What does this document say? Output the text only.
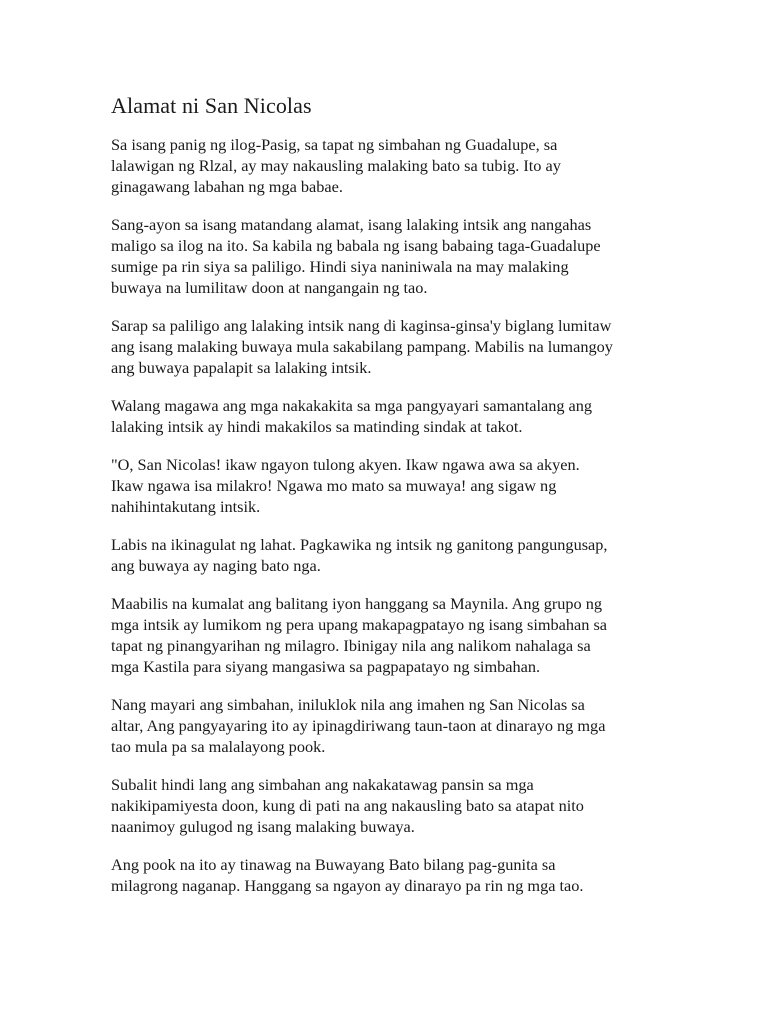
Alamat ni San Nicolas

Sa isang panig ng ilog-Pasig, sa tapat ng simbahan ng Guadalupe, sa
lalawigan ng Rlzal, ay may nakausling malaking bato sa tubig. Ito ay
ginagawang labahan ng mga babae.

Sang-ayon sa isang matandang alamat, isang lalaking intsik ang nangahas
maligo sa ilog na ito. Sa kabila ng babala ng isang babaing taga-Guadalupe
sumige pa rin siya sa paliligo. Hindi siya naniniwala na may malaking
buwaya na lumilitaw doon at nangangain ng tao.

Sarap sa paliligo ang lalaking intsik nang di kaginsa-ginsa'y biglang lumitaw
ang isang malaking buwaya mula sakabilang pampang. Mabilis na lumangoy
ang buwaya papalapit sa lalaking intsik.

Walang magawa ang mga nakakakita sa mga pangyayari samantalang ang
lalaking intsik ay hindi makakilos sa matinding sindak at takot.

"O, San Nicolas! ikaw ngayon tulong akyen. Ikaw ngawa awa sa akyen.
Ikaw ngawa isa milakro! Ngawa mo mato sa muwaya! ang sigaw ng
nahihintakutang intsik.

Labis na ikinagulat ng lahat. Pagkawika ng intsik ng ganitong pangungusap,
ang buwaya ay naging bato nga.

Maabilis na kumalat ang balitang iyon hanggang sa Maynila. Ang grupo ng
mga intsik ay lumikom ng pera upang makapagpatayo ng isang simbahan sa
tapat ng pinangyarihan ng milagro. Ibinigay nila ang nalikom nahalaga sa
mga Kastila para siyang mangasiwa sa pagpapatayo ng simbahan.

Nang mayari ang simbahan, iniluklok nila ang imahen ng San Nicolas sa
altar, Ang pangyayaring ito ay ipinagdiriwang taun-taon at dinarayo ng mga
tao mula pa sa malalayong pook.

Subalit hindi lang ang simbahan ang nakakatawag pansin sa mga
nakikipamiyesta doon, kung di pati na ang nakausling bato sa atapat nito
naanimoy gulugod ng isang malaking buwaya.

Ang pook na ito ay tinawag na Buwayang Bato bilang pag-gunita sa
milagrong naganap. Hanggang sa ngayon ay dinarayo pa rin ng mga tao.
